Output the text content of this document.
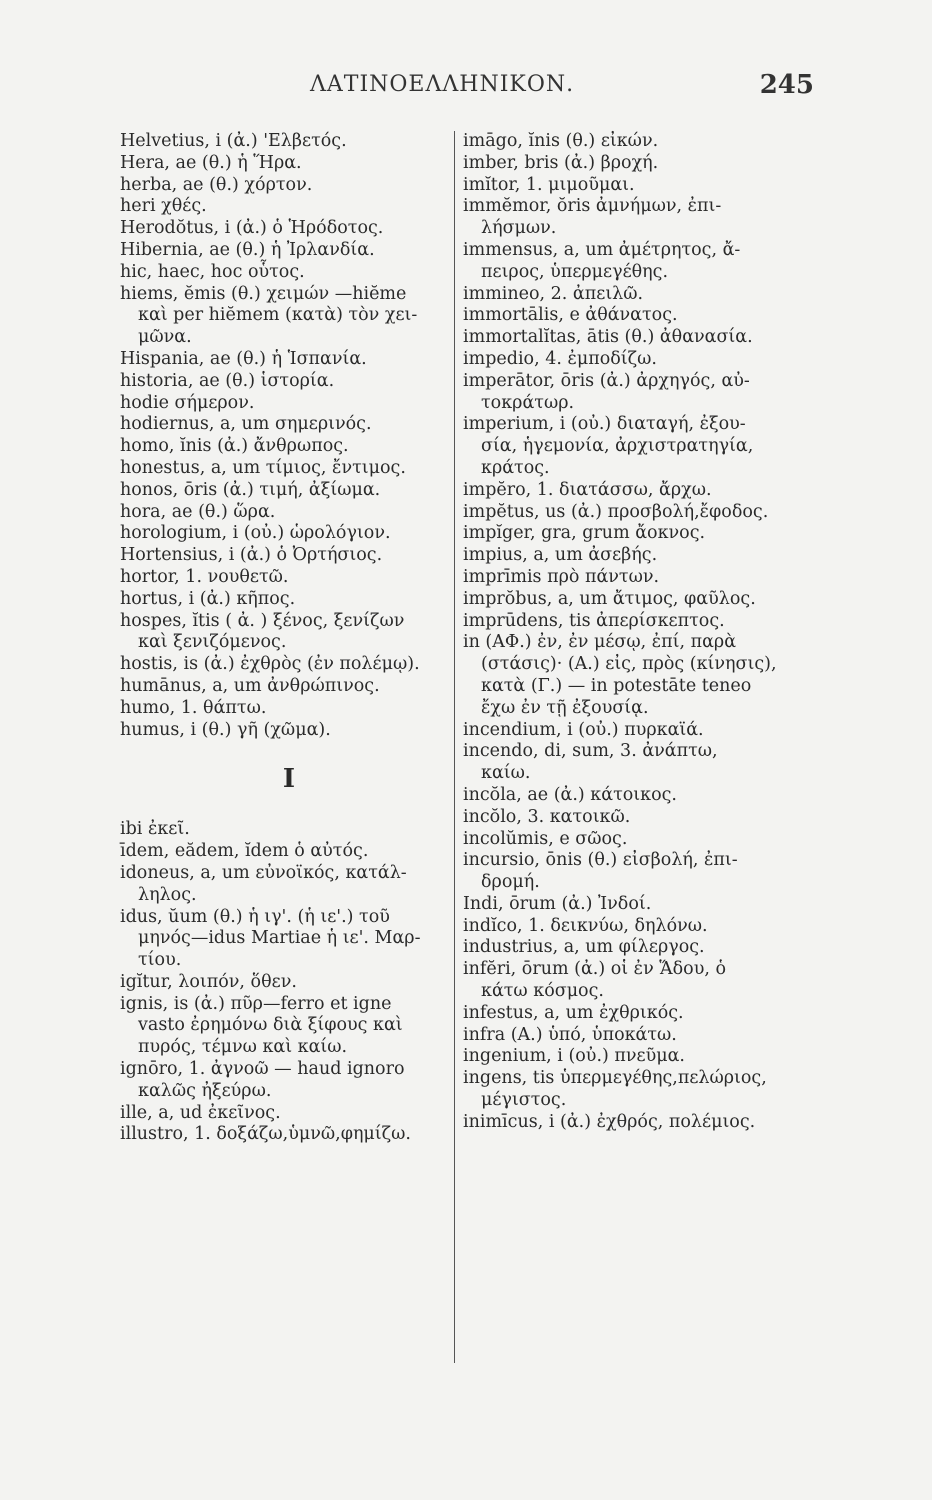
ΛΑΤΙΝΟΕΛΛΗΝΙΚΟΝ.	245
Helvetius, i (ἀ.) 'Ελβετός.
Hera, ae (θ.) ἡ Ἥρα.
herba, ae (θ.) χόρτον.
heri χθές.
Herodŏtus, i (ἀ.) ὁ Ἡρόδοτος.
Hibernia, ae (θ.) ἡ Ἰρλανδία.
hic, haec, hoc οὗτος.
hiems, ĕmis (θ.) χειμών —hiĕme
καὶ per hiĕmem (κατὰ) τὸν χει-
μῶνα.
Hispania, ae (θ.) ἡ Ἱσπανία.
historia, ae (θ.) ἱστορία.
hodie σήμερον.
hodiernus, a, um σημερινός.
homo, ĭnis (ἀ.) ἄνθρωπος.
honestus, a, um τίμιος, ἔντιμος.
honos, ōris (ἀ.) τιμή, ἀξίωμα.
hora, ae (θ.) ὥρα.
horologium, i (οὐ.) ὡρολόγιον.
Hortensius, i (ἀ.) ὁ Ὀρτήσιος.
hortor, 1. νουθετῶ.
hortus, i (ἀ.) κῆπος.
hospes, ĭtis ( ἀ. ) ξένος, ξενίζων
καὶ ξενιζόμενος.
hostis, is (ἀ.) ἐχθρὸς (ἐν πολέμῳ).
humānus, a, um ἀνθρώπινος.
humo, 1. θάπτω.
humus, i (θ.) γῆ (χῶμα).
I
ibi ἐκεῖ.
īdem, eădem, ĭdem ὁ αὐτός.
idoneus, a, um εὐνοϊκός, κατάλ-
ληλος.
idus, ŭum (θ.) ἡ ιγ'. (ἡ ιε'.) τοῦ
μηνός—idus Martiae ἡ ιε'. Μαρ-
τίου.
igĭtur, λοιπόν, ὅθεν.
ignis, is (ἀ.) πῦρ—ferro et igne
vasto ἐρημόνω διὰ ξίφους καὶ
πυρός, τέμνω καὶ καίω.
ignōro, 1. ἀγνοῶ — haud ignoro
καλῶς ἠξεύρω.
ille, a, ud ἐκεῖνος.
illustro, 1. δοξάζω,ὑμνῶ,φημίζω.
imāgo, ĭnis (θ.) εἰκών.
imber, bris (ἀ.) βροχή.
imĭtor, 1. μιμοῦμαι.
immĕmor, ŏris ἀμνήμων, ἐπι-
λήσμων.
immensus, a, um ἀμέτρητος, ἄ-
πειρος, ὑπερμεγέθης.
immineo, 2. ἀπειλῶ.
immortālis, e ἀθάνατος.
immortalĭtas, ātis (θ.) ἀθανασία.
impedio, 4. ἐμποδίζω.
imperātor, ōris (ἀ.) ἀρχηγός, αὐ-
τοκράτωρ.
imperium, i (οὐ.) διαταγή, ἐξου-
σία, ἡγεμονία, ἀρχιστρατηγία,
κράτος.
impĕro, 1. διατάσσω, ἄρχω.
impĕtus, us (ἀ.) προσβολή,ἔφοδος.
impĭger, gra, grum ἄοκνος.
impius, a, um ἀσεβής.
imprīmis πρὸ πάντων.
imprŏbus, a, um ἄτιμος, φαῦλος.
imprūdens, tis ἀπερίσκεπτος.
in (ΑΦ.) ἐν, ἐν μέσῳ, ἐπί, παρὰ
(στάσις)· (Α.) εἰς, πρὸς (κίνησις),
κατὰ (Γ.) — in potestāte teneo
ἔχω ἐν τῇ ἐξουσίᾳ.
incendium, i (οὐ.) πυρκαϊά.
incendo, di, sum, 3. ἀνάπτω,
καίω.
incŏla, ae (ἀ.) κάτοικος.
incŏlo, 3. κατοικῶ.
incolŭmis, e σῶος.
incursio, ōnis (θ.) εἰσβολή, ἐπι-
δρομή.
Indi, ōrum (ἀ.) Ἰνδοί.
indĭco, 1. δεικνύω, δηλόνω.
industrius, a, um φίλεργος.
infĕri, ōrum (ἀ.) οἱ ἐν Ἅδου, ὁ
κάτω κόσμος.
infestus, a, um ἐχθρικός.
infra (Α.) ὑπό, ὑποκάτω.
ingenium, i (οὐ.) πνεῦμα.
ingens, tis ὑπερμεγέθης,πελώριος,
μέγιστος.
inimīcus, i (ἀ.) ἐχθρός, πολέμιος.
